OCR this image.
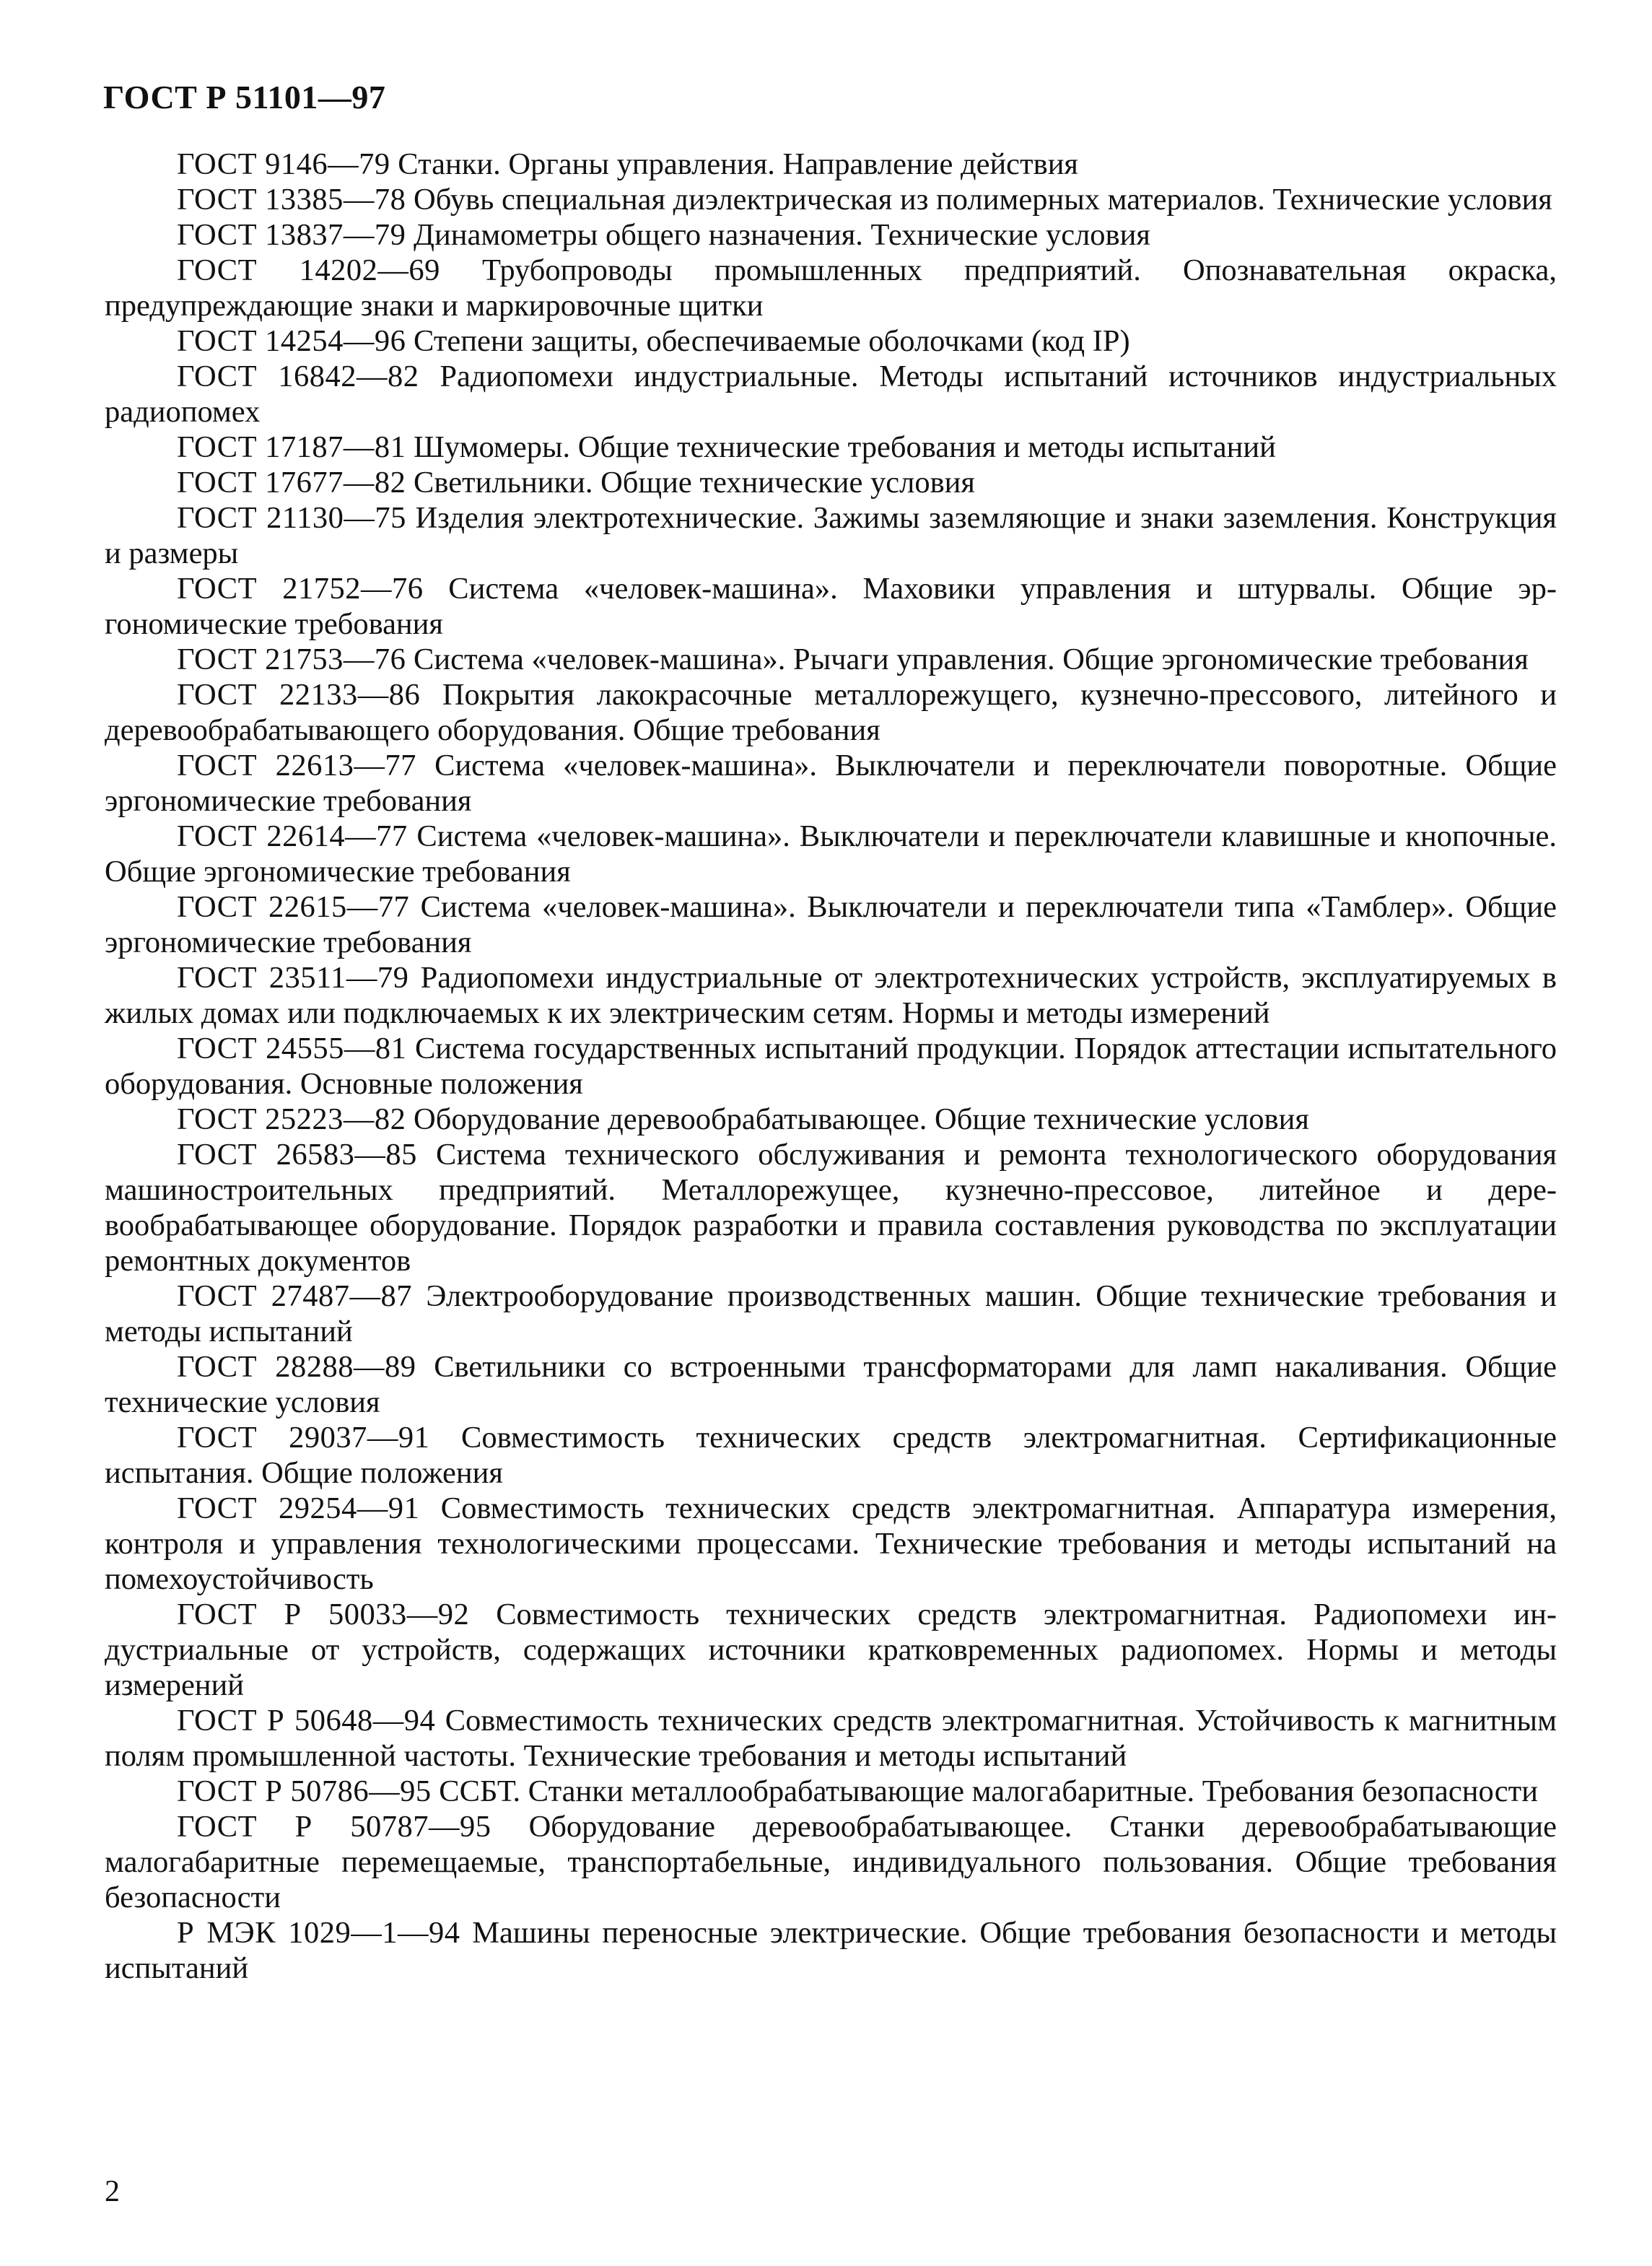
ГОСТ Р 51101—97
ГОСТ 9146—79 Станки. Органы управления. Направление действия
ГОСТ 13385—78 Обувь специальная диэлектрическая из полимерных материалов. Технические условия
ГОСТ 13837—79 Динамометры общего назначения. Технические условия
ГОСТ 14202—69 Трубопроводы промышленных предприятий. Опознавательная окраска, предупреждающие знаки и маркировочные щитки
ГОСТ 14254—96 Степени защиты, обеспечиваемые оболочками (код IP)
ГОСТ 16842—82 Радиопомехи индустриальные. Методы испытаний источников индустриальных радиопомех
ГОСТ 17187—81 Шумомеры. Общие технические требования и методы испытаний
ГОСТ 17677—82 Светильники. Общие технические условия
ГОСТ 21130—75 Изделия электротехнические. Зажимы заземляющие и знаки заземления. Конструкция и размеры
ГОСТ 21752—76 Система «человек-машина». Маховики управления и штурвалы. Общие эргономические требования
ГОСТ 21753—76 Система «человек-машина». Рычаги управления. Общие эргономические требования
ГОСТ 22133—86 Покрытия лакокрасочные металлорежущего, кузнечно-прессового, литейного и деревообрабатывающего оборудования. Общие требования
ГОСТ 22613—77 Система «человек-машина». Выключатели и переключатели поворотные. Общие эргономические требования
ГОСТ 22614—77 Система «человек-машина». Выключатели и переключатели клавишные и кнопочные. Общие эргономические требования
ГОСТ 22615—77 Система «человек-машина». Выключатели и переключатели типа «Тамблер». Общие эргономические требования
ГОСТ 23511—79 Радиопомехи индустриальные от электротехнических устройств, эксплуатируемых в жилых домах или подключаемых к их электрическим сетям. Нормы и методы измерений
ГОСТ 24555—81 Система государственных испытаний продукции. Порядок аттестации испытательного оборудования. Основные положения
ГОСТ 25223—82 Оборудование деревообрабатывающее. Общие технические условия
ГОСТ 26583—85 Система технического обслуживания и ремонта технологического оборудования машиностроительных предприятий. Металлорежущее, кузнечно-прессовое, литейное и деревообрабатывающее оборудование. Порядок разработки и правила составления руководства по эксплуатации ремонтных документов
ГОСТ 27487—87 Электрооборудование производственных машин. Общие технические требования и методы испытаний
ГОСТ 28288—89 Светильники со встроенными трансформаторами для ламп накаливания. Общие технические условия
ГОСТ 29037—91 Совместимость технических средств электромагнитная. Сертификационные испытания. Общие положения
ГОСТ 29254—91 Совместимость технических средств электромагнитная. Аппаратура измерения, контроля и управления технологическими процессами. Технические требования и методы испытаний на помехоустойчивость
ГОСТ Р 50033—92 Совместимость технических средств электромагнитная. Радиопомехи индустриальные от устройств, содержащих источники кратковременных радиопомех. Нормы и методы измерений
ГОСТ Р 50648—94 Совместимость технических средств электромагнитная. Устойчивость к магнитным полям промышленной частоты. Технические требования и методы испытаний
ГОСТ Р 50786—95 ССБТ. Станки металлообрабатывающие малогабаритные. Требования безопасности
ГОСТ Р 50787—95 Оборудование деревообрабатывающее. Станки деревообрабатывающие малогабаритные перемещаемые, транспортабельные, индивидуального пользования. Общие требования безопасности
Р МЭК 1029—1—94 Машины переносные электрические. Общие требования безопасности и методы испытаний
2
